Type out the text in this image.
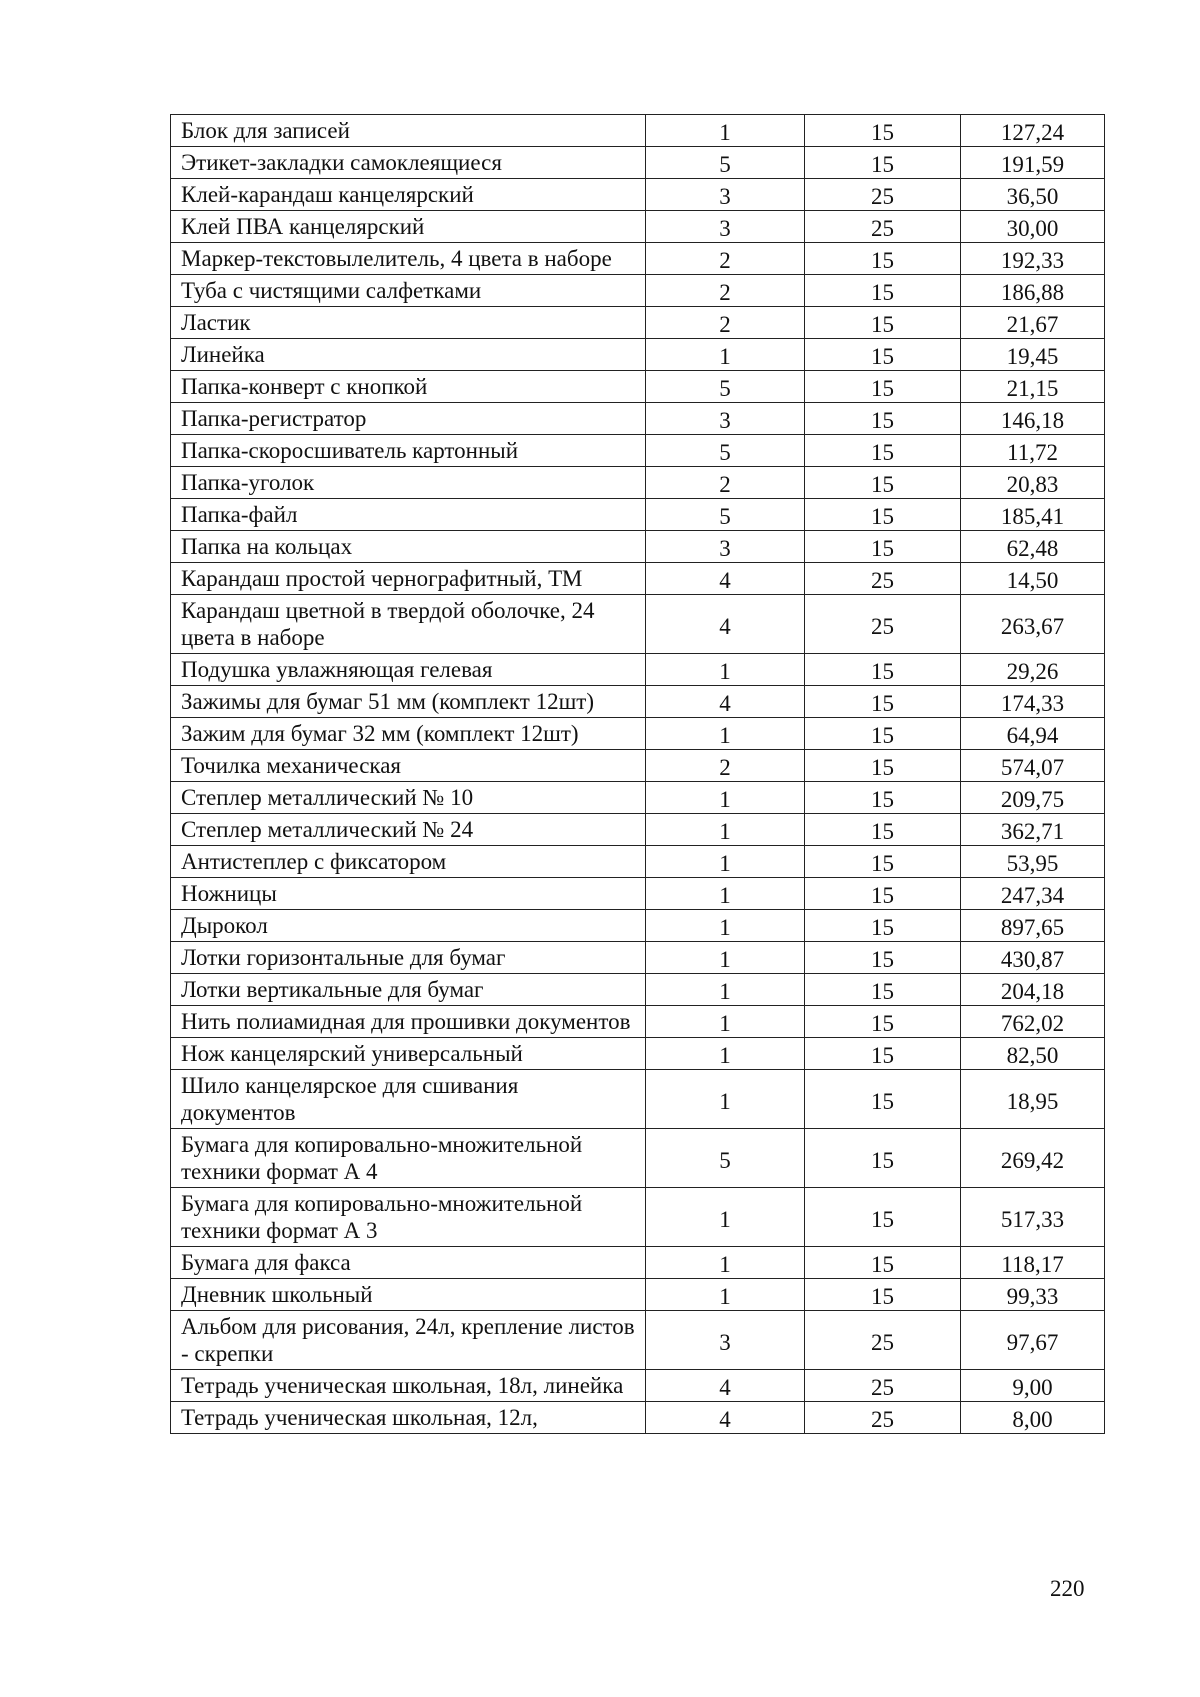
Блок для записей	1	15	127,24
Этикет-закладки самоклеящиеся	5	15	191,59
Клей-карандаш канцелярский	3	25	36,50
Клей ПВА канцелярский	3	25	30,00
Маркер-текстовылелитель, 4 цвета в наборе	2	15	192,33
Туба с чистящими салфетками	2	15	186,88
Ластик	2	15	21,67
Линейка	1	15	19,45
Папка-конверт с кнопкой	5	15	21,15
Папка-регистратор	3	15	146,18
Папка-скоросшиватель картонный	5	15	11,72
Папка-уголок	2	15	20,83
Папка-файл	5	15	185,41
Папка на кольцах	3	15	62,48
Карандаш простой чернографитный, ТМ	4	25	14,50
Карандаш цветной в твердой оболочке, 24 цвета в наборе	4	25	263,67
Подушка увлажняющая гелевая	1	15	29,26
Зажимы для бумаг 51 мм (комплект 12шт)	4	15	174,33
Зажим для бумаг 32 мм (комплект 12шт)	1	15	64,94
Точилка механическая	2	15	574,07
Степлер металлический № 10	1	15	209,75
Степлер металлический № 24	1	15	362,71
Антистеплер с фиксатором	1	15	53,95
Ножницы	1	15	247,34
Дырокол	1	15	897,65
Лотки горизонтальные для бумаг	1	15	430,87
Лотки вертикальные для бумаг	1	15	204,18
Нить полиамидная для прошивки документов	1	15	762,02
Нож канцелярский универсальный	1	15	82,50
Шило канцелярское для сшивания документов	1	15	18,95
Бумага для копировально-множительной техники формат А 4	5	15	269,42
Бумага для копировально-множительной техники формат А 3	1	15	517,33
Бумага для факса	1	15	118,17
Дневник школьный	1	15	99,33
Альбом для рисования, 24л, крепление листов - скрепки	3	25	97,67
Тетрадь ученическая школьная, 18л, линейка	4	25	9,00
Тетрадь ученическая школьная, 12л,	4	25	8,00
220
